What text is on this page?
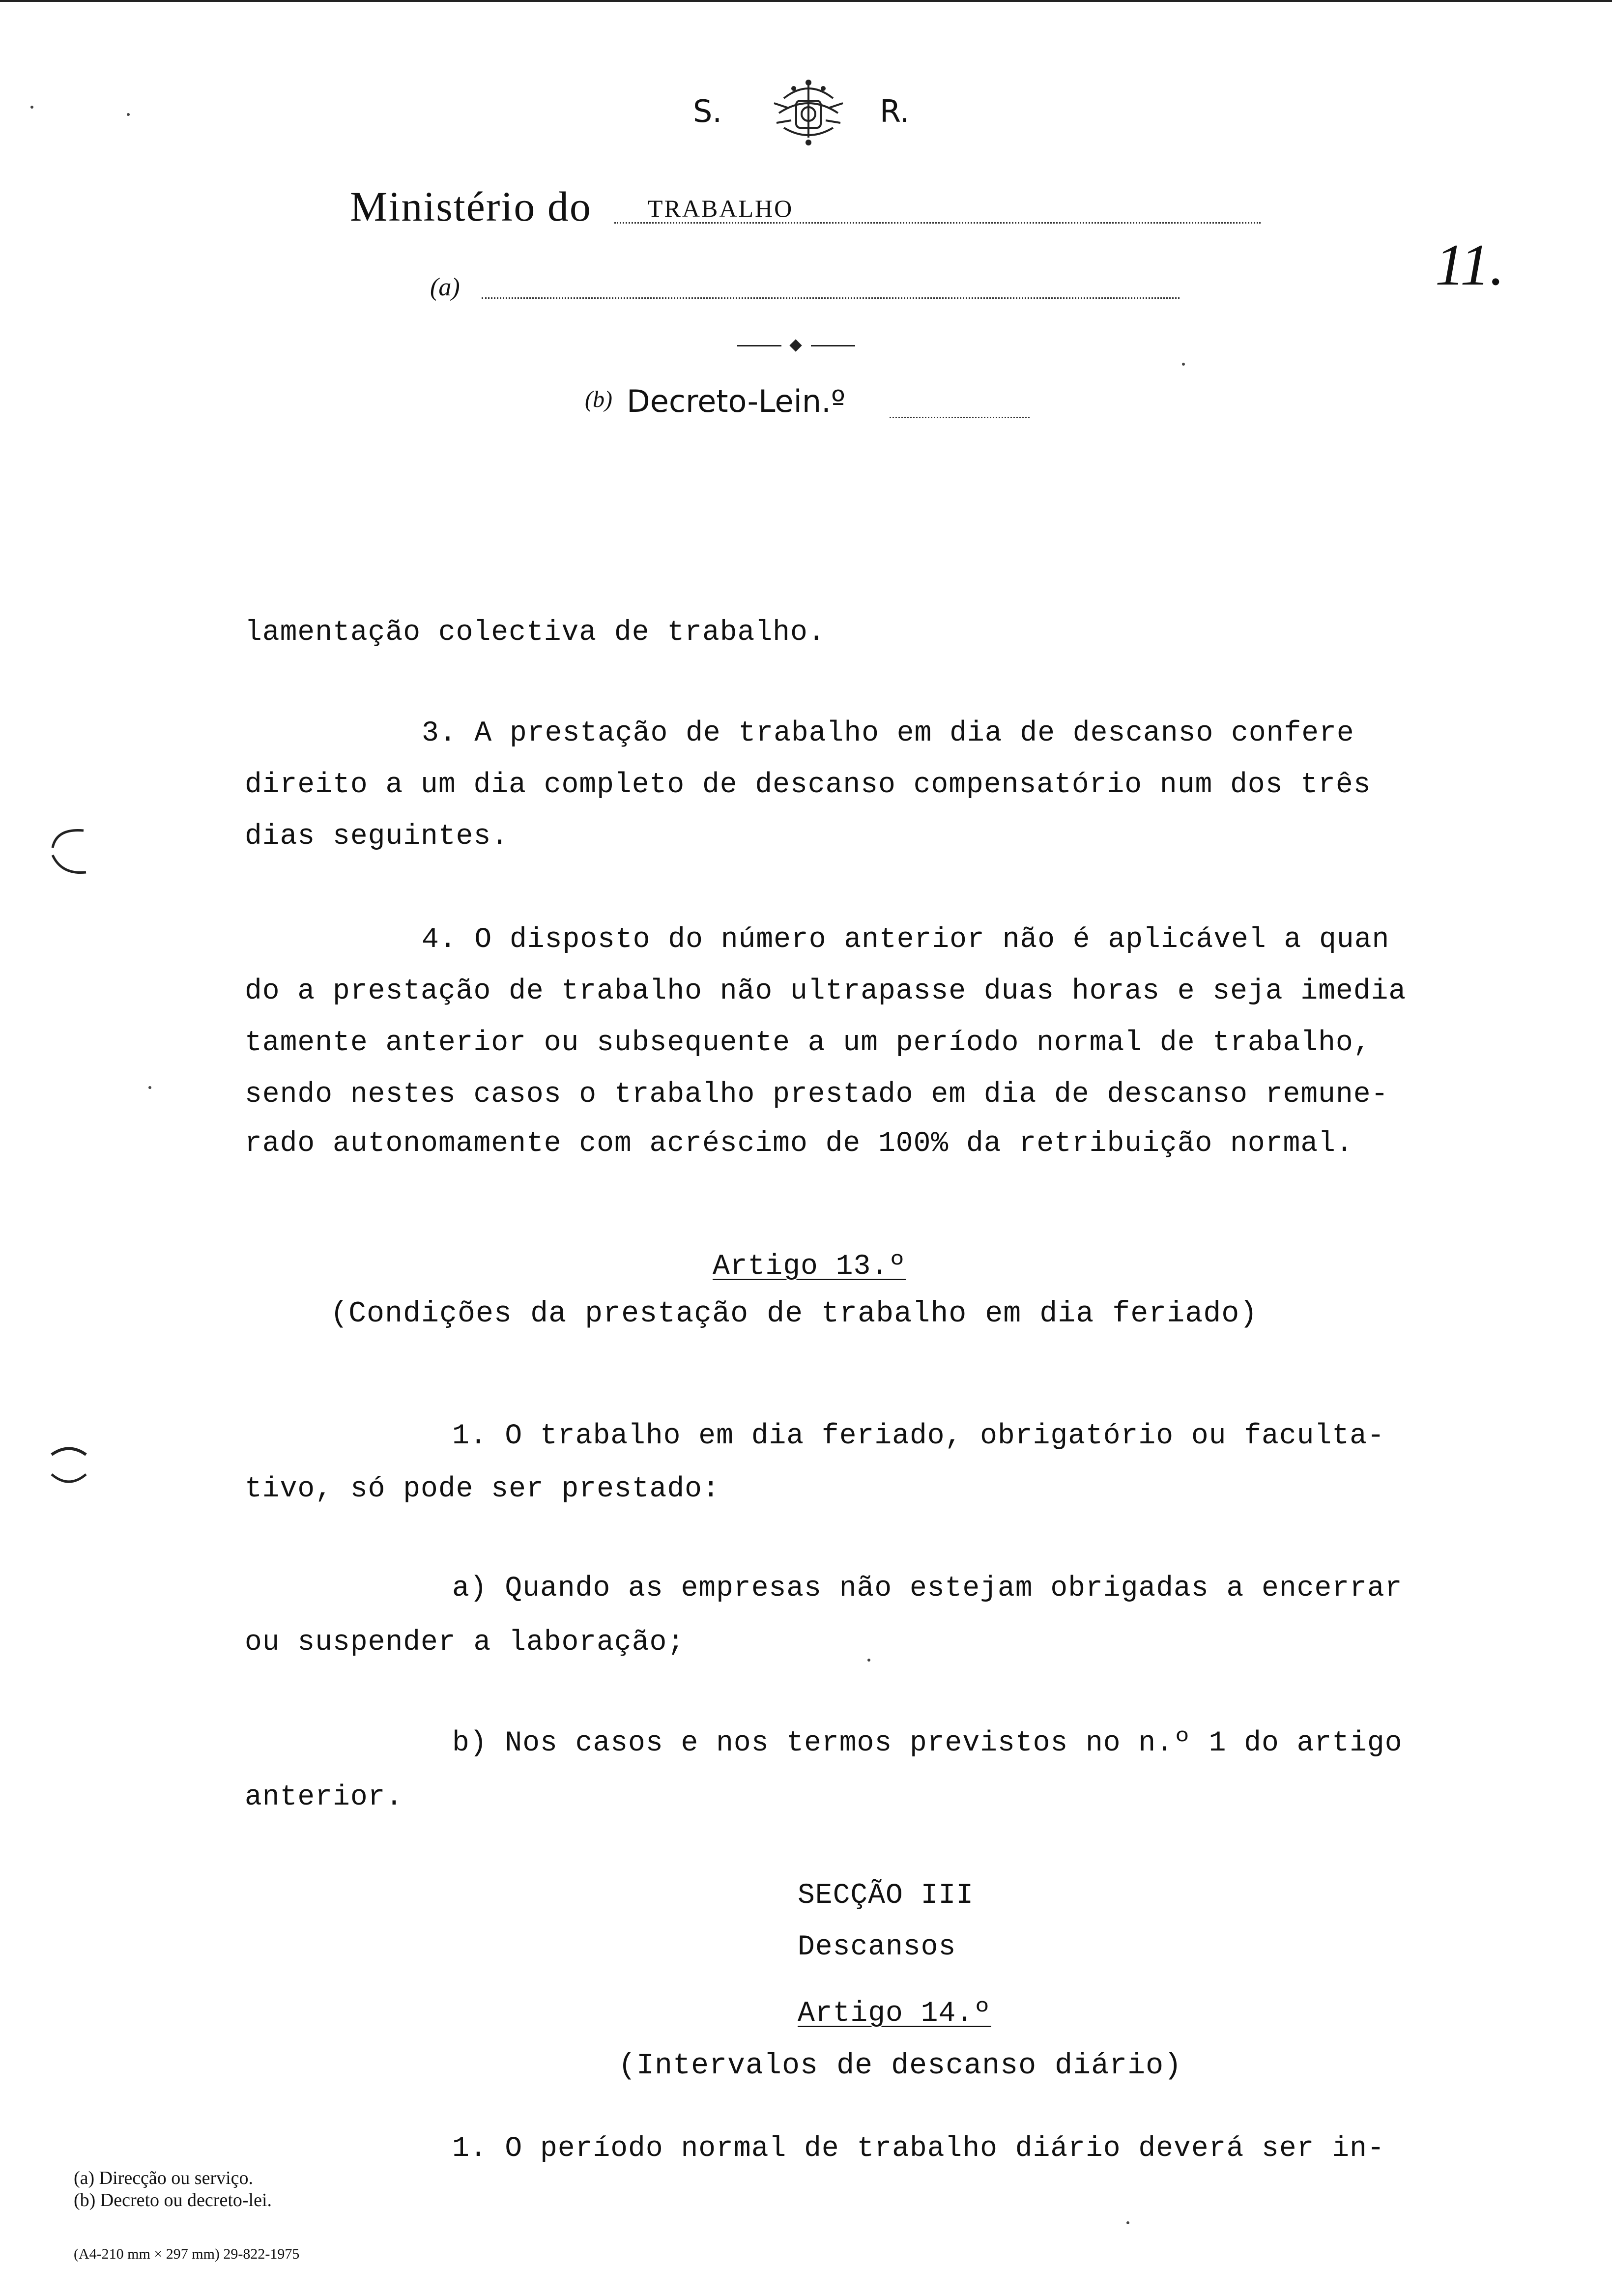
S.	R.
Ministério do TRABALHO
11.
(a)
(b) Decreto-Lein.º
lamentação colectiva de trabalho.
3. A prestação de trabalho em dia de descanso confere
direito a um dia completo de descanso compensatório num dos três
dias seguintes.
4. O disposto do número anterior não é aplicável a quan
do a prestação de trabalho não ultrapasse duas horas e seja imedia
tamente anterior ou subsequente a um período normal de trabalho,
sendo nestes casos o trabalho prestado em dia de descanso remune-
rado autonomamente com acréscimo de 100% da retribuição normal.
Artigo 13.º
(Condições da prestação de trabalho em dia feriado)
1. O trabalho em dia feriado, obrigatório ou faculta-
tivo, só pode ser prestado:
a) Quando as empresas não estejam obrigadas a encerrar
ou suspender a laboração;
b) Nos casos e nos termos previstos no n.º 1 do artigo
anterior.
SECÇÃO III
Descansos
Artigo 14.º
(Intervalos de descanso diário)
1. O período normal de trabalho diário deverá ser in-
(a) Direcção ou serviço.
(b) Decreto ou decreto-lei.
(A4-210 mm × 297 mm) 29-822-1975
